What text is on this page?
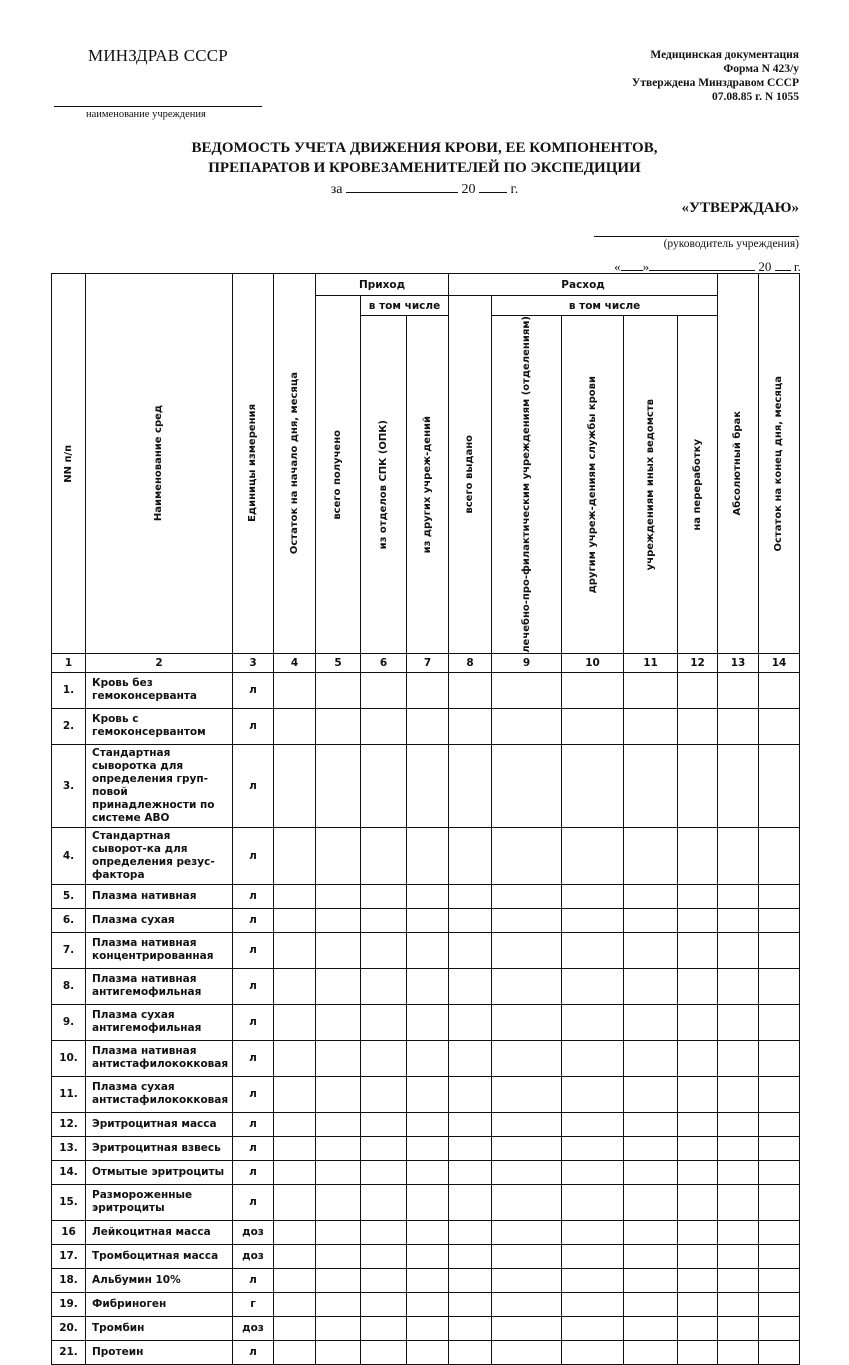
МИНЗДРАВ СССР	Медицинская документация
Форма N 423/у
Утверждена Минздравом СССР
07.08.85 г. N 1055
наименование учреждения
ВЕДОМОСТЬ УЧЕТА ДВИЖЕНИЯ КРОВИ, ЕЕ КОМПОНЕНТОВ,
ПРЕПАРАТОВ И КРОВЕЗАМЕНИТЕЛЕЙ ПО ЭКСПЕДИЦИИ
за	20	г.
«УТВЕРЖДАЮ»
(руководитель учреждения)
« »	20 г.
NN п/п	Наименование сред	Единицы измерения	Остаток на начало дня, месяца	Приход			Расход					Абсолютный брак	Остаток на конец дня, месяца

				всего получено	в том числе		всего выдано	в том числе					

					из отделов СПК (ОПК)	из других учреж-дений		лечебно-про-филактическим учреждениям (отделениям)	другим учреж-дениям службы крови	учреждениям иных ведомств	на переработку		

1	2	3	4	5	6	7	8	9	10	11	12	13	14
1.	Кровь без гемоконсерванта	л											
2.	Кровь с гемоконсервантом	л											
3.	Стандартная сыворотка для определения груп-повой принадлежности по системе АВО	л											
4.	Стандартная сыворот-ка для определения резус-фактора	л											
5.	Плазма нативная	л											
6.	Плазма сухая	л											
7.	Плазма нативная концентрированная	л											
8.	Плазма нативная антигемофильная	л											
9.	Плазма сухая антигемофильная	л											
10.	Плазма нативная антистафилококковая	л											
11.	Плазма сухая антистафилококковая	л											
12.	Эритроцитная масса	л											
13.	Эритроцитная взвесь	л											
14.	Отмытые эритроциты	л											
15.	Размороженные эритроциты	л											
16	Лейкоцитная масса	доз											
17.	Тромбоцитная масса	доз											
18.	Альбумин 10%	л											
19.	Фибриноген	г											
20.	Тромбин	доз											
21.	Протеин	л											
